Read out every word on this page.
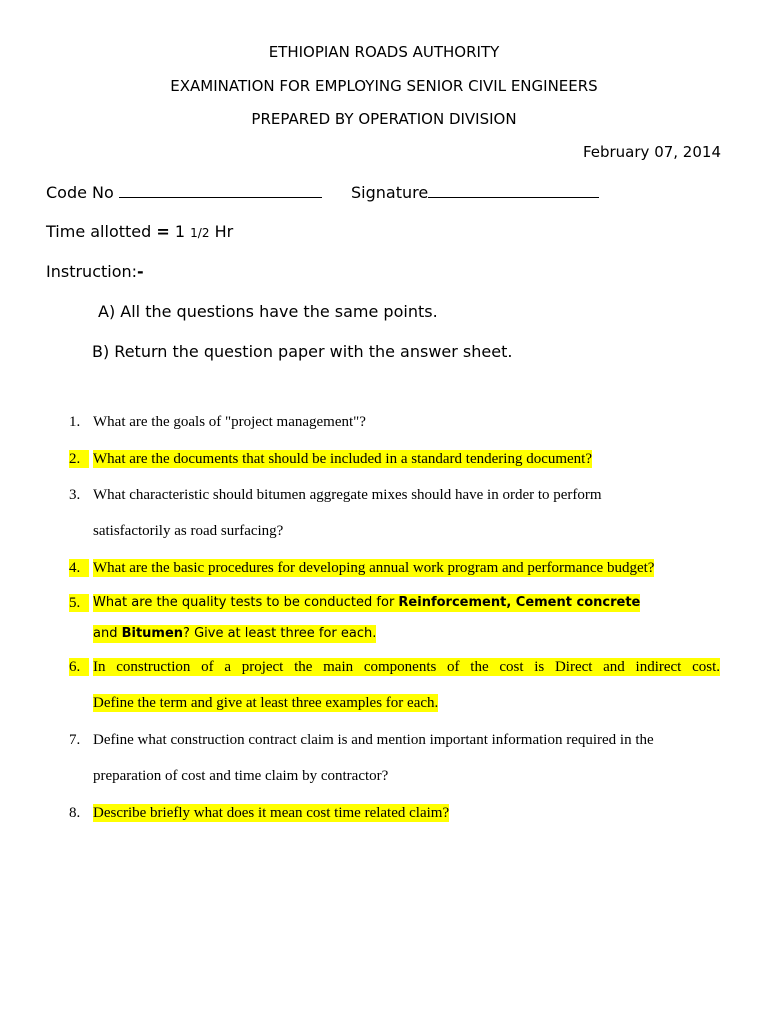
ETHIOPIAN ROADS AUTHORITY
EXAMINATION FOR EMPLOYING SENIOR CIVIL ENGINEERS
PREPARED BY OPERATION DIVISION
February 07, 2014
Code No	Signature
Time allotted = 1 1/2 Hr
Instruction:-
A) All the questions have the same points.
B) Return the question paper with the answer sheet.
1. What are the goals of "project management"?
2. What are the documents that should be included in a standard tendering document?
3. What characteristic should bitumen aggregate mixes should have in order to perform
satisfactorily as road surfacing?
4. What are the basic procedures for developing annual work program and performance budget?
5. What are the quality tests to be conducted for Reinforcement, Cement concrete
and Bitumen? Give at least three for each.
6. In construction of a project the main components of the cost is Direct and indirect cost.
Define the term and give at least three examples for each.
7. Define what construction contract claim is and mention important information required in the
preparation of cost and time claim by contractor?
8. Describe briefly what does it mean cost time related claim?
